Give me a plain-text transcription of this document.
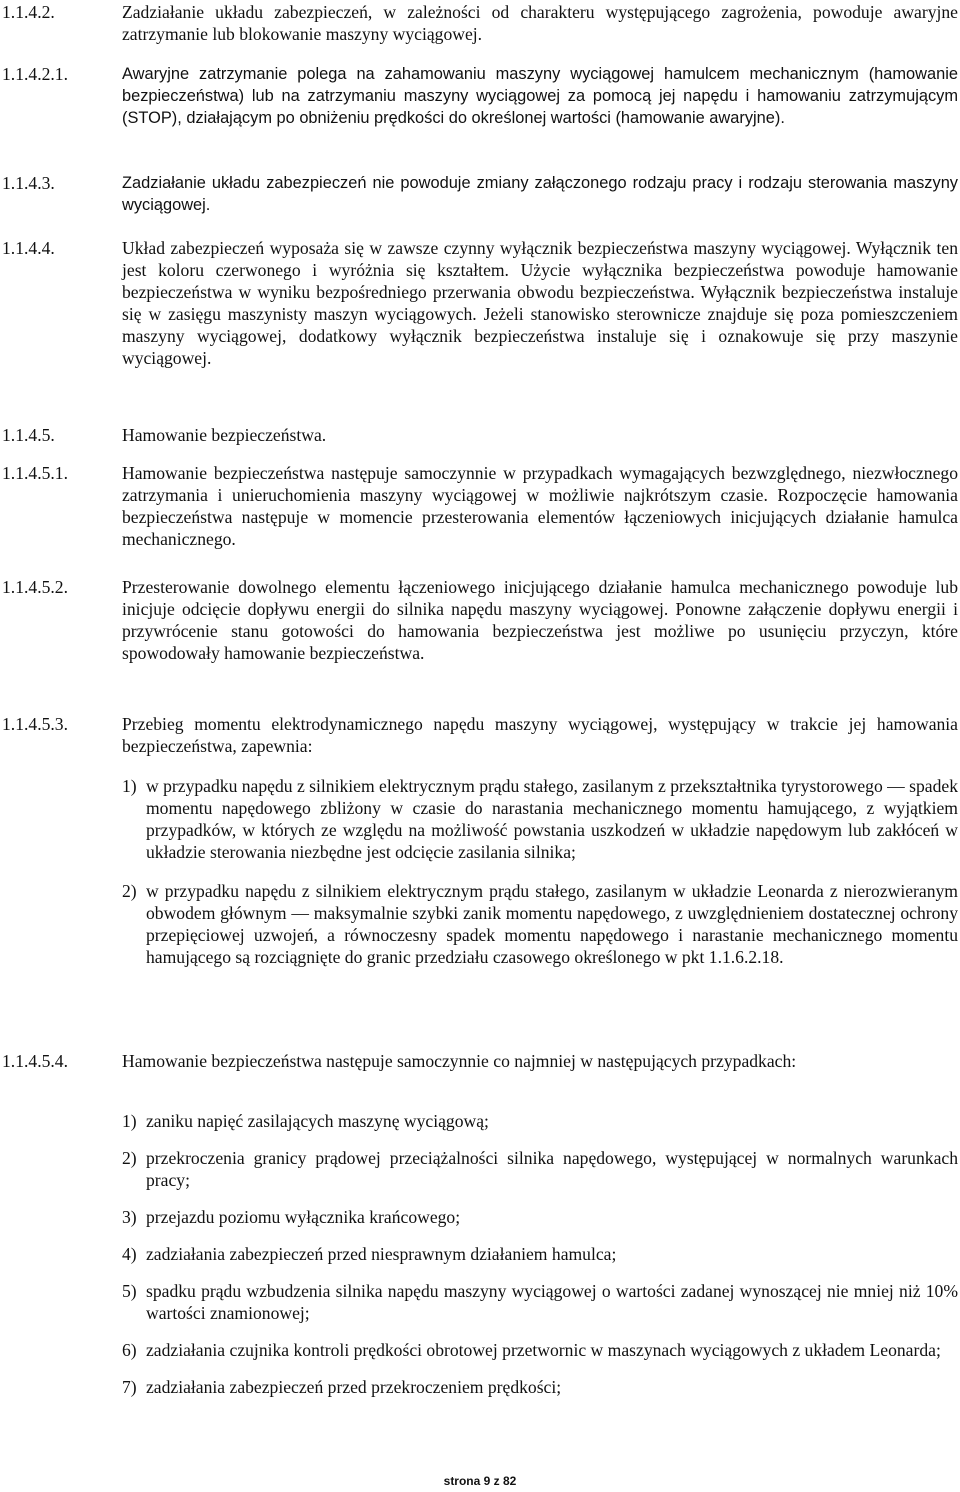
1.1.4.2.	Zadziałanie układu zabezpieczeń, w zależności od charakteru występującego zagrożenia, powoduje awaryjne zatrzymanie lub blokowanie maszyny wyciągowej.
1.1.4.2.1.	Awaryjne zatrzymanie polega na zahamowaniu maszyny wyciągowej hamulcem mechanicznym (hamowanie bezpieczeństwa) lub na zatrzymaniu maszyny wyciągowej za pomocą jej napędu i hamowaniu zatrzymującym (STOP), działającym po obniżeniu prędkości do określonej wartości (hamowanie awaryjne).
1.1.4.3.	Zadziałanie układu zabezpieczeń nie powoduje zmiany załączonego rodzaju pracy i rodzaju sterowania maszyny wyciągowej.
1.1.4.4.	Układ zabezpieczeń wyposaża się w zawsze czynny wyłącznik bezpieczeństwa maszyny wyciągowej. Wyłącznik ten jest koloru czerwonego i wyróżnia się kształtem. Użycie wyłącznika bezpieczeństwa powoduje hamowanie bezpieczeństwa w wyniku bezpośredniego przerwania obwodu bezpieczeństwa. Wyłącznik bezpieczeństwa instaluje się w zasięgu maszynisty maszyn wyciągowych. Jeżeli stanowisko sterownicze znajduje się poza pomieszczeniem maszyny wyciągowej, dodatkowy wyłącznik bezpieczeństwa instaluje się i oznakowuje się przy maszynie wyciągowej.
1.1.4.5.	Hamowanie bezpieczeństwa.
1.1.4.5.1.	Hamowanie bezpieczeństwa następuje samoczynnie w przypadkach wymagających bezwzględnego, niezwłocznego zatrzymania i unieruchomienia maszyny wyciągowej w możliwie najkrótszym czasie. Rozpoczęcie hamowania bezpieczeństwa następuje w momencie przesterowania elementów łączeniowych inicjujących działanie hamulca mechanicznego.
1.1.4.5.2.	Przesterowanie dowolnego elementu łączeniowego inicjującego działanie hamulca mechanicznego powoduje lub inicjuje odcięcie dopływu energii do silnika napędu maszyny wyciągowej. Ponowne załączenie dopływu energii i przywrócenie stanu gotowości do hamowania bezpieczeństwa jest możliwe po usunięciu przyczyn, które spowodowały hamowanie bezpieczeństwa.
1.1.4.5.3.	Przebieg momentu elektrodynamicznego napędu maszyny wyciągowej, występujący w trakcie jej hamowania bezpieczeństwa, zapewnia:
1) w przypadku napędu z silnikiem elektrycznym prądu stałego, zasilanym z przekształtnika tyrystorowego — spadek momentu napędowego zbliżony w czasie do narastania mechanicznego momentu hamującego, z wyjątkiem przypadków, w których ze względu na możliwość powstania uszkodzeń w układzie napędowym lub zakłóceń w układzie sterowania niezbędne jest odcięcie zasilania silnika;
2) w przypadku napędu z silnikiem elektrycznym prądu stałego, zasilanym w układzie Leonarda z nierozwieranym obwodem głównym — maksymalnie szybki zanik momentu napędowego, z uwzględnieniem dostatecznej ochrony przepięciowej uzwojeń, a równoczesny spadek momentu napędowego i narastanie mechanicznego momentu hamującego są rozciągnięte do granic przedziału czasowego określonego w pkt 1.1.6.2.18.
1.1.4.5.4.	Hamowanie bezpieczeństwa następuje samoczynnie co najmniej w następujących przypadkach:
1) zaniku napięć zasilających maszynę wyciągową;
2) przekroczenia granicy prądowej przeciążalności silnika napędowego, występującej w normalnych warunkach pracy;
3) przejazdu poziomu wyłącznika krańcowego;
4) zadziałania zabezpieczeń przed niesprawnym działaniem hamulca;
5) spadku prądu wzbudzenia silnika napędu maszyny wyciągowej o wartości zadanej wynoszącej nie mniej niż 10% wartości znamionowej;
6) zadziałania czujnika kontroli prędkości obrotowej przetwornic w maszynach wyciągowych z układem Leonarda;
7) zadziałania zabezpieczeń przed przekroczeniem prędkości;
strona 9 z 82
